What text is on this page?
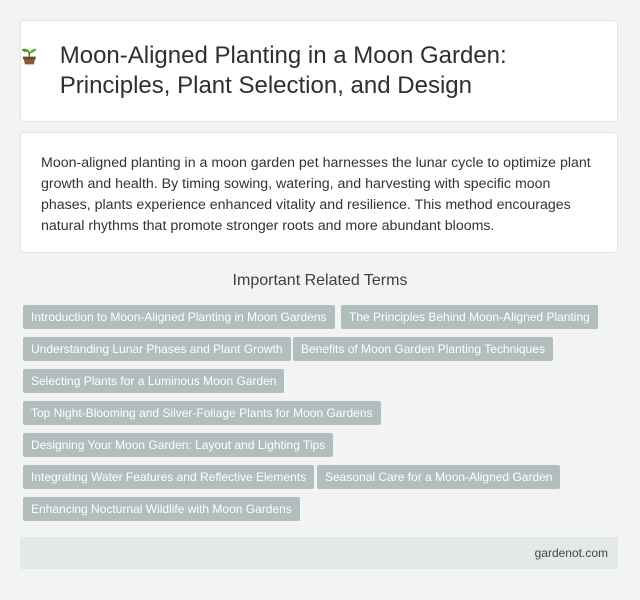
Moon-Aligned Planting in a Moon Garden: Principles, Plant Selection, and Design

Moon-aligned planting in a moon garden pet harnesses the lunar cycle to optimize plant growth and health. By timing sowing, watering, and harvesting with specific moon phases, plants experience enhanced vitality and resilience. This method encourages natural rhythms that promote stronger roots and more abundant blooms.

Important Related Terms
Introduction to Moon-Aligned Planting in Moon Gardens	The Principles Behind Moon-Aligned Planting
Understanding Lunar Phases and Plant Growth	Benefits of Moon Garden Planting Techniques
Selecting Plants for a Luminous Moon Garden
Top Night-Blooming and Silver-Foliage Plants for Moon Gardens
Designing Your Moon Garden: Layout and Lighting Tips
Integrating Water Features and Reflective Elements	Seasonal Care for a Moon-Aligned Garden
Enhancing Nocturnal Wildlife with Moon Gardens
gardenot.com
